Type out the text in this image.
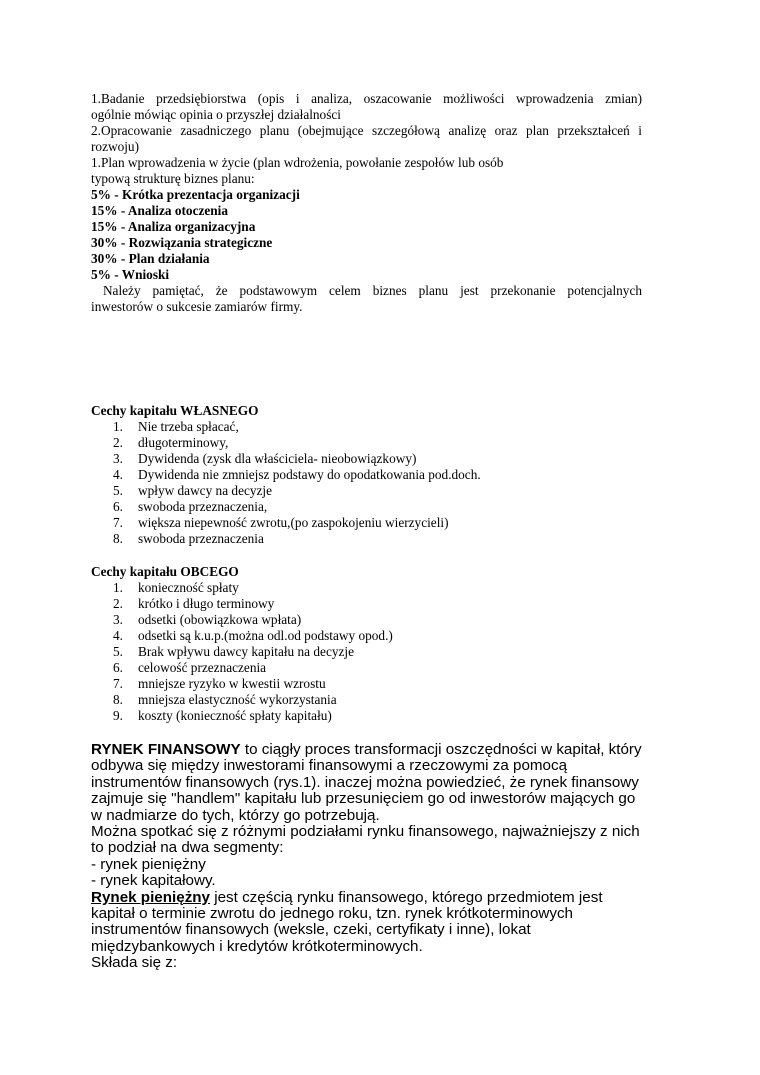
1.Badanie przedsiębiorstwa (opis i analiza, oszacowanie możliwości wprowadzenia zmian)

ogólnie mówiąc opinia o przyszłej działalności

2.Opracowanie zasadniczego planu (obejmujące szczegółową analizę oraz plan przekształceń i

rozwoju)

1.Plan wprowadzenia w życie (plan wdrożenia, powołanie zespołów lub osób

typową strukturę biznes planu:

5% - Krótka prezentacja organizacji

15% - Analiza otoczenia

15% - Analiza organizacyjna

30% - Rozwiązania strategiczne

30% - Plan działania

5% - Wnioski

Należy pamiętać, że podstawowym celem biznes planu jest przekonanie potencjalnych

inwestorów o sukcesie zamiarów firmy.

Cechy kapitału WŁASNEGO

1. Nie trzeba spłacać,
2. długoterminowy,
3. Dywidenda (zysk dla właściciela- nieobowiązkowy)
4. Dywidenda nie zmniejsz podstawy do opodatkowania pod.doch.
5. wpływ dawcy na decyzje
6. swoboda przeznaczenia,
7. większa niepewność zwrotu,(po zaspokojeniu wierzycieli)
8. swoboda przeznaczenia

Cechy kapitału OBCEGO

1. konieczność spłaty
2. krótko i długo terminowy
3. odsetki (obowiązkowa wpłata)
4. odsetki są k.u.p.(można odl.od podstawy opod.)
5. Brak wpływu dawcy kapitału na decyzje
6. celowość przeznaczenia
7. mniejsze ryzyko w kwestii wzrostu
8. mniejsza elastyczność wykorzystania
9. koszty (konieczność spłaty kapitału)

RYNEK FINANSOWY to ciągły proces transformacji oszczędności w kapitał, który

odbywa się między inwestorami finansowymi a rzeczowymi za pomocą

instrumentów finansowych (rys.1). inaczej można powiedzieć, że rynek finansowy

zajmuje się "handlem" kapitału lub przesunięciem go od inwestorów mających go

w nadmiarze do tych, którzy go potrzebują.

Można spotkać się z różnymi podziałami rynku finansowego, najważniejszy z nich

to podział na dwa segmenty:

- rynek pieniężny

- rynek kapitałowy.

Rynek pieniężny jest częścią rynku finansowego, którego przedmiotem jest

kapitał o terminie zwrotu do jednego roku, tzn. rynek krótkoterminowych

instrumentów finansowych (weksle, czeki, certyfikaty i inne), lokat

międzybankowych i kredytów krótkoterminowych.

Składa się z:
